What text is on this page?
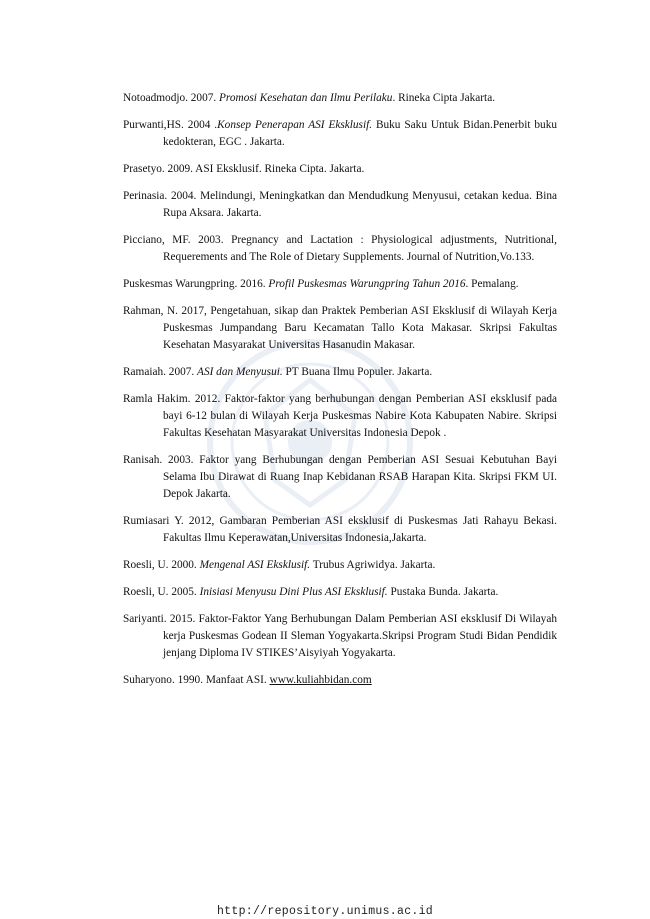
Notoadmodjo. 2007. Promosi Kesehatan dan Ilmu Perilaku. Rineka Cipta Jakarta.

Purwanti,HS. 2004 .Konsep Penerapan ASI Eksklusif. Buku Saku Untuk Bidan.Penerbit buku kedokteran, EGC . Jakarta.

Prasetyo. 2009. ASI Eksklusif. Rineka Cipta. Jakarta.

Perinasia. 2004. Melindungi, Meningkatkan dan Mendudkung Menyusui, cetakan kedua. Bina Rupa Aksara. Jakarta.

Picciano, MF. 2003. Pregnancy and Lactation : Physiological adjustments, Nutritional, Requerements and The Role of Dietary Supplements. Journal of Nutrition,Vo.133.

Puskesmas Warungpring. 2016. Profil Puskesmas Warungpring Tahun 2016. Pemalang.

Rahman, N. 2017, Pengetahuan, sikap dan Praktek Pemberian ASI Eksklusif di Wilayah Kerja Puskesmas Jumpandang Baru Kecamatan Tallo Kota Makasar. Skripsi Fakultas Kesehatan Masyarakat Universitas Hasanudin Makasar.

Ramaiah. 2007. ASI dan Menyusui. PT Buana Ilmu Populer. Jakarta.

Ramla Hakim. 2012. Faktor-faktor yang berhubungan dengan Pemberian ASI eksklusif pada bayi 6-12 bulan di Wilayah Kerja Puskesmas Nabire Kota Kabupaten Nabire. Skripsi Fakultas Kesehatan Masyarakat Universitas Indonesia Depok .

Ranisah. 2003. Faktor yang Berhubungan dengan Pemberian ASI Sesuai Kebutuhan Bayi Selama Ibu Dirawat di Ruang Inap Kebidanan RSAB Harapan Kita. Skripsi FKM UI. Depok Jakarta.

Rumiasari Y. 2012, Gambaran Pemberian ASI eksklusif di Puskesmas Jati Rahayu Bekasi. Fakultas Ilmu Keperawatan,Universitas Indonesia,Jakarta.

Roesli, U. 2000. Mengenal ASI Eksklusif. Trubus Agriwidya. Jakarta.

Roesli, U. 2005. Inisiasi Menyusu Dini Plus ASI Eksklusif. Pustaka Bunda. Jakarta.

Sariyanti. 2015. Faktor-Faktor Yang Berhubungan Dalam Pemberian ASI eksklusif Di Wilayah kerja Puskesmas Godean II Sleman Yogyakarta.Skripsi Program Studi Bidan Pendidik jenjang Diploma IV STIKES’Aisyiyah Yogyakarta.

Suharyono. 1990. Manfaat ASI. www.kuliahbidan.com

http://repository.unimus.ac.id
